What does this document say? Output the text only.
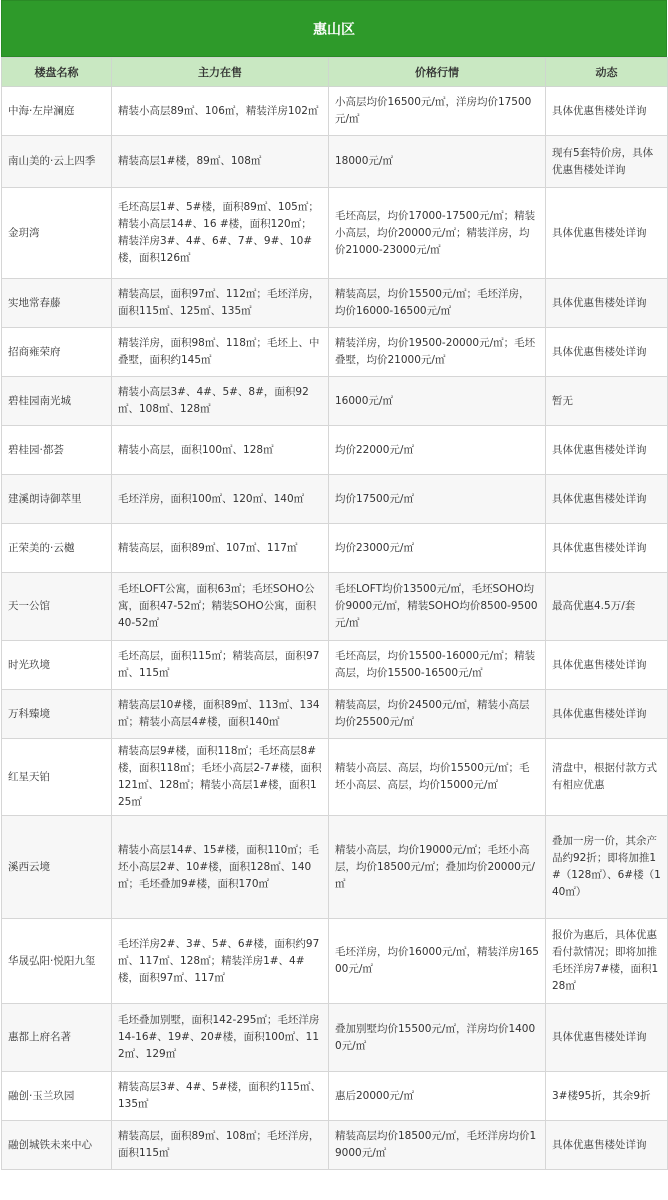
惠山区
楼盘名称	主力在售	价格行情	动态
中海·左岸澜庭	精装小高层89㎡、106㎡，精装洋房102㎡	小高层均价16500元/㎡，洋房均价17500元/㎡	具体优惠售楼处详询
南山美的·云上四季	精装高层1#楼，89㎡、108㎡	18000元/㎡	现有5套特价房，具体优惠售楼处详询
金玥湾	毛坯高层1#、5#楼，面积89㎡、105㎡；精装小高层14#、16 #楼，面积120㎡；精装洋房3#、4#、6#、7#、9#、10#楼，面积126㎡	毛坯高层，均价17000-17500元/㎡；精装小高层，均价20000元/㎡；精装洋房，均价21000-23000元/㎡	具体优惠售楼处详询
实地常春藤	精装高层，面积97㎡、112㎡；毛坯洋房，面积115㎡、125㎡、135㎡	精装高层，均价15500元/㎡；毛坯洋房，均价16000-16500元/㎡	具体优惠售楼处详询
招商雍荣府	精装洋房，面积98㎡、118㎡；毛坯上、中叠墅，面积约145㎡	精装洋房，均价19500-20000元/㎡；毛坯叠墅，均价21000元/㎡	具体优惠售楼处详询
碧桂园南光城	精装小高层3#、4#、5#、8#，面积92㎡、108㎡、128㎡	16000元/㎡	暂无
碧桂园·都荟	精装小高层，面积100㎡、128㎡	均价22000元/㎡	具体优惠售楼处详询
建溪朗诗御萃里	毛坯洋房，面积100㎡、120㎡、140㎡	均价17500元/㎡	具体优惠售楼处详询
正荣美的·云樾	精装高层，面积89㎡、107㎡、117㎡	均价23000元/㎡	具体优惠售楼处详询
天一公馆	毛坯LOFT公寓，面积63㎡；毛坯SOHO公寓，面积47-52㎡；精装SOHO公寓，面积40-52㎡	毛坯LOFT均价13500元/㎡，毛坯SOHO均价9000元/㎡，精装SOHO均价8500-9500元/㎡	最高优惠4.5万/套
时光玖境	毛坯高层，面积115㎡；精装高层，面积97㎡、115㎡	毛坯高层，均价15500-16000元/㎡；精装高层，均价15500-16500元/㎡	具体优惠售楼处详询
万科臻境	精装高层10#楼，面积89㎡、113㎡、134㎡；精装小高层4#楼，面积140㎡	精装高层，均价24500元/㎡，精装小高层均价25500元/㎡	具体优惠售楼处详询
红星天铂	精装高层9#楼，面积118㎡；毛坯高层8#楼，面积118㎡；毛坯小高层2-7#楼，面积121㎡、128㎡；精装小高层1#楼，面积125㎡	精装小高层、高层，均价15500元/㎡；毛坯小高层、高层，均价15000元/㎡	清盘中，根据付款方式有相应优惠
溪西云境	精装小高层14#、15#楼，面积110㎡；毛坯小高层2#、10#楼，面积128㎡、140㎡；毛坯叠加9#楼，面积170㎡	精装小高层，均价19000元/㎡；毛坯小高层，均价18500元/㎡；叠加均价20000元/㎡	叠加一房一价，其余产品约92折；即将加推1#（128㎡）、6#楼（140㎡）
华晟弘阳·悦阳九玺	毛坯洋房2#、3#、5#、6#楼，面积约97㎡、117㎡、128㎡；精装洋房1#、4#楼，面积97㎡、117㎡	毛坯洋房，均价16000元/㎡，精装洋房16500元/㎡	报价为惠后，具体优惠看付款情况；即将加推毛坯洋房7#楼，面积128㎡
惠都上府名著	毛坯叠加别墅，面积142-295㎡；毛坯洋房14-16#、19#、20#楼，面积100㎡、112㎡、129㎡	叠加别墅均价15500元/㎡，洋房均价14000元/㎡	具体优惠售楼处详询
融创·玉兰玖园	精装高层3#、4#、5#楼，面积约115㎡、135㎡	惠后20000元/㎡	3#楼95折，其余9折
融创城铁未来中心	精装高层，面积89㎡、108㎡；毛坯洋房，面积115㎡	精装高层均价18500元/㎡，毛坯洋房均价19000元/㎡	具体优惠售楼处详询
